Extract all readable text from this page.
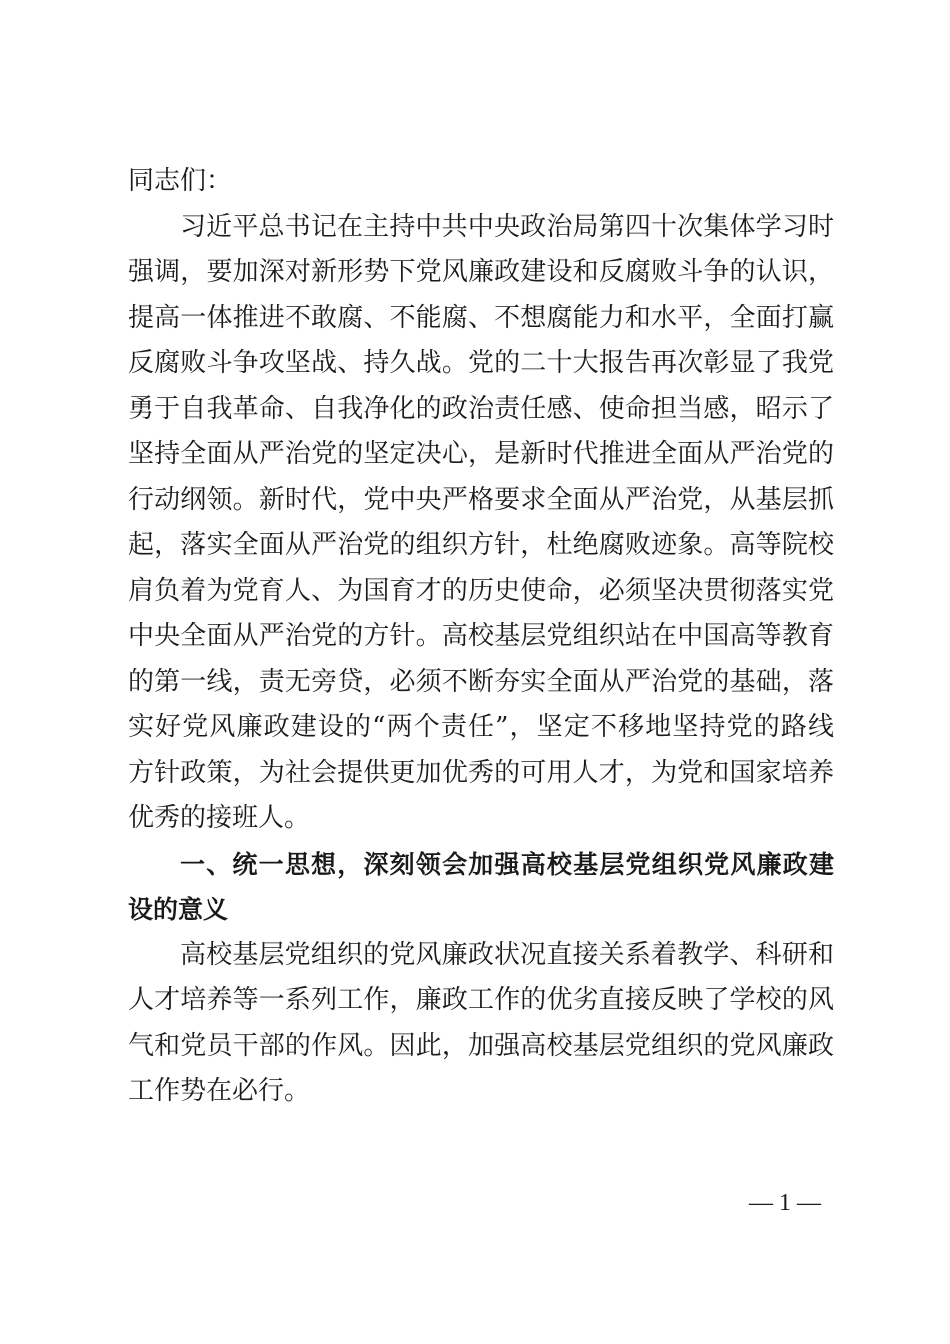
同志们：
习近平总书记在主持中共中央政治局第四十次集体学习时
强调，要加深对新形势下党风廉政建设和反腐败斗争的认识，
提高一体推进不敢腐、不能腐、不想腐能力和水平，全面打赢
反腐败斗争攻坚战、持久战。党的二十大报告再次彰显了我党
勇于自我革命、自我净化的政治责任感、使命担当感，昭示了
坚持全面从严治党的坚定决心，是新时代推进全面从严治党的
行动纲领。新时代，党中央严格要求全面从严治党，从基层抓
起，落实全面从严治党的组织方针，杜绝腐败迹象。高等院校
肩负着为党育人、为国育才的历史使命，必须坚决贯彻落实党
中央全面从严治党的方针。高校基层党组织站在中国高等教育
的第一线，责无旁贷，必须不断夯实全面从严治党的基础，落
实好党风廉政建设的“两个责任”，坚定不移地坚持党的路线
方针政策，为社会提供更加优秀的可用人才，为党和国家培养
优秀的接班人。
一、统一思想，深刻领会加强高校基层党组织党风廉政建
设的意义
高校基层党组织的党风廉政状况直接关系着教学、科研和
人才培养等一系列工作，廉政工作的优劣直接反映了学校的风
气和党员干部的作风。因此，加强高校基层党组织的党风廉政
工作势在必行。
— 1 —
